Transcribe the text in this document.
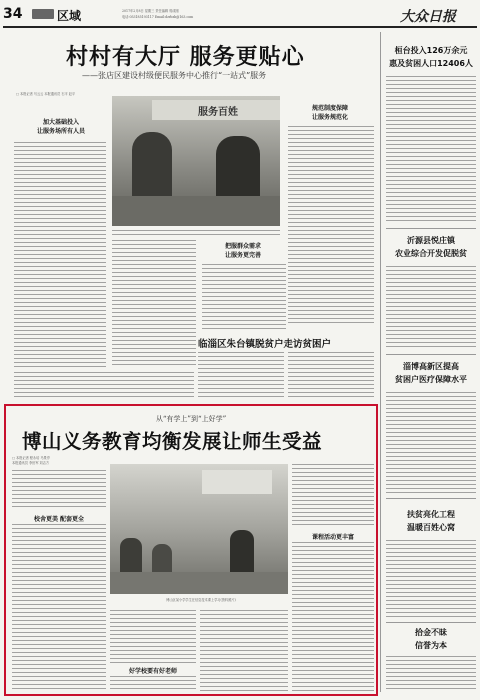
34	区域	2017年2月8日 星期三 责任编辑 郭成刚
电话:053185193117 Email:dzrbzb@163.com	大众日报
村村有大厅 服务更贴心
——张店区建设村级便民服务中心推行“一站式”服务
□ 本报记者 马云云 本报通讯员 石平 赵平
加大基础投入
让服务场所有人员
服务百姓
把服群众需求
让服务更完善
规范制度保障
让服务规范化
临淄区朱台镇脱贫户走访贫困户
桓台投入126万余元
惠及贫困人口12406人
沂源县悦庄镇
农业综合开发促脱贫
淄博高新区提高
贫困户医疗保障水平
扶贫亮化工程
温暖百姓心窝
拾金不昧
信誉为本
从“有学上”到“上好学”
博山义务教育均衡发展让师生受益
□ 本报记者 程永培 马景亭
本报通讯员 李世军 刘志方
校舍更美 配套更全
博山区某小学学生在信息技术课上学习(资料照片)
好学校要有好老师
课程活动更丰富
